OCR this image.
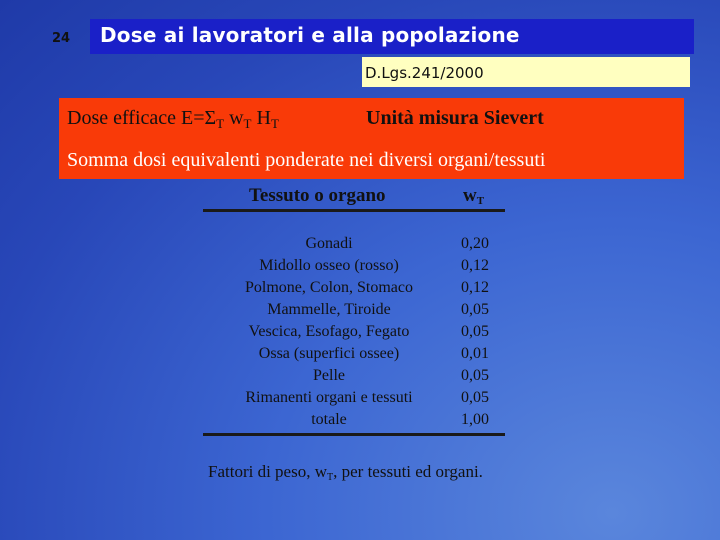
24	Dose ai lavoratori e alla popolazione
D.Lgs.241/2000
Dose efficace $E=\Sigma_T$ $w_T$ $H_T$	Unità misura Sievert
Somma dosi equivalenti ponderate nei diversi organi/tessuti
Tessuto o organo	$w_T$
Gonadi	0,20
Midollo osseo (rosso)	0,12
Polmone, Colon, Stomaco	0,12
Mammelle, Tiroide	0,05
Vescica, Esofago, Fegato	0,05
Ossa (superfici ossee)	0,01
Pelle	0,05
Rimanenti organi e tessuti	0,05
totale	1,00
Fattori di peso, $w_T$, per tessuti ed organi.
